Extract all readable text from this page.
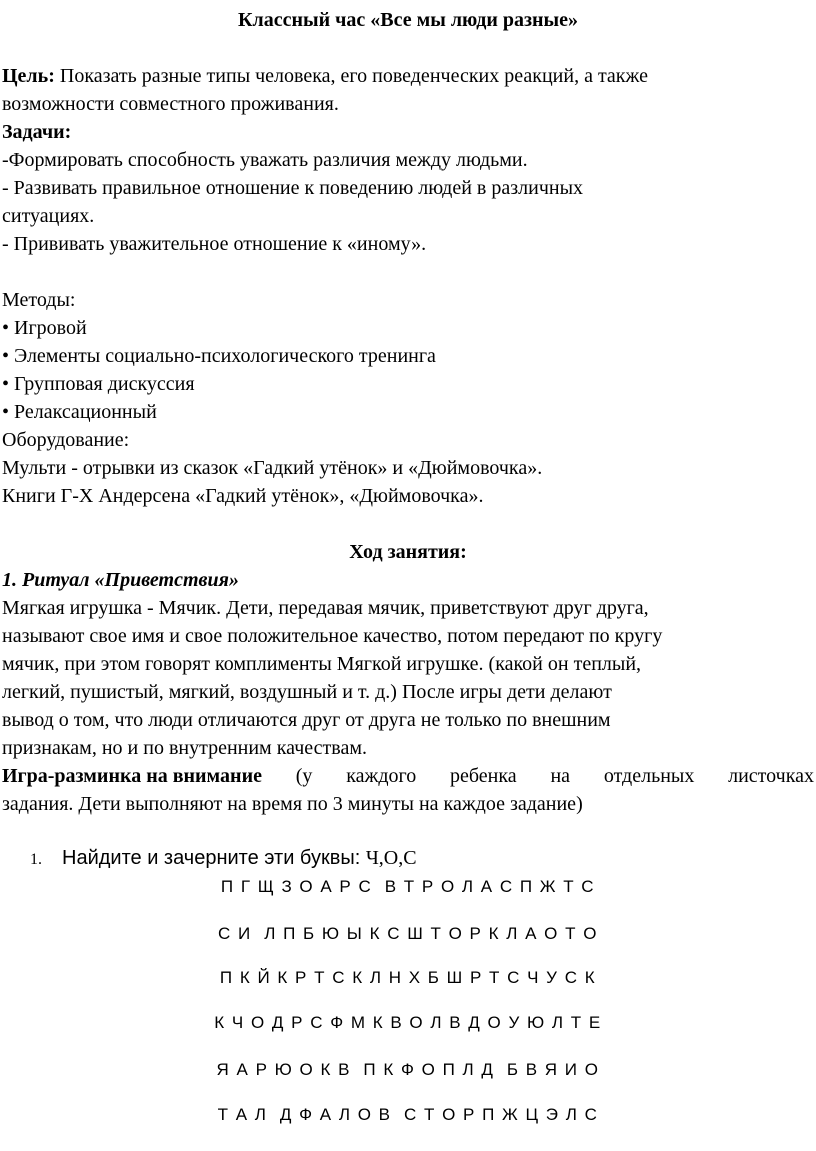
Классный час «Все мы люди разные»
Цель: Показать разные типы человека, его поведенческих реакций, а также
возможности совместного проживания.
Задачи:
-Формировать способность уважать различия между людьми.
- Развивать правильное отношение к поведению людей в различных
ситуациях.
- Прививать уважительное отношение к «иному».
Методы:
• Игровой
• Элементы социально-психологического тренинга
• Групповая дискуссия
• Релаксационный
Оборудование:
Мульти - отрывки из сказок «Гадкий утёнок» и «Дюймовочка».
Книги Г-Х Андерсена «Гадкий утёнок», «Дюймовочка».
Ход занятия:
1. Ритуал «Приветствия»
Мягкая игрушка - Мячик. Дети, передавая мячик, приветствуют друг друга,
называют свое имя и свое положительное качество, потом передают по кругу
мячик, при этом говорят комплименты Мягкой игрушке. (какой он теплый,
легкий, пушистый, мягкий, воздушный и т. д.) После игры дети делают
вывод о том, что люди отличаются друг от друга не только по внешним
признакам, но и по внутренним качествам.
Игра-разминка на внимание (у каждого ребенка на отдельных листочках
задания. Дети выполняют на время по 3 минуты на каждое задание)
1. Найдите и зачерните эти буквы: Ч,О,С
П Г Щ З О А Р С  В Т Р О Л А С П Ж Т С
С И  Л П Б Ю Ы К С Ш Т О Р К Л А О Т О
П К Й К Р Т С К Л Н Х Б Ш Р Т С Ч У С К
К Ч О Д Р С Ф М К В О Л В Д О У Ю Л Т Е
Я А Р Ю О К В  П К Ф О П Л Д  Б В Я И О
Т А Л  Д Ф А Л О В  С Т О Р П Ж Ц Э Л С
